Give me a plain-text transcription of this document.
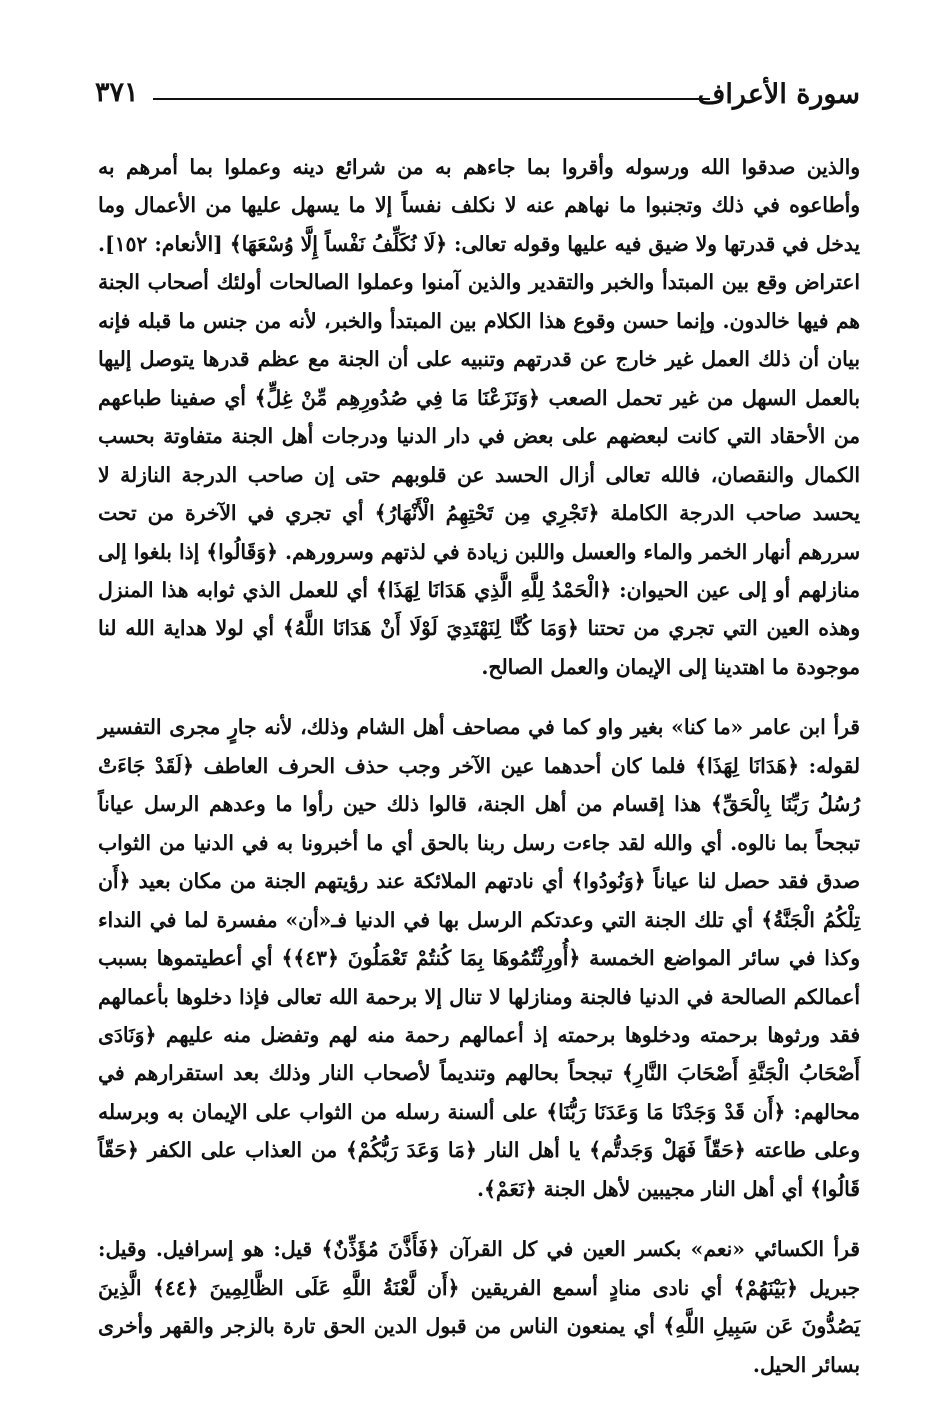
سورة الأعراف
٣٧١

والذين صدقوا الله ورسوله وأقروا بما جاءهم به من شرائع دينه وعملوا بما أمرهم به وأطاعوه في ذلك وتجنبوا ما نهاهم عنه لا نكلف نفساً إلا ما يسهل عليها من الأعمال وما يدخل في قدرتها ولا ضيق فيه عليها وقوله تعالى: ﴿لَا نُكَلِّفُ نَفْساً إِلَّا وُسْعَهَا﴾ [الأنعام: ١٥٢]. اعتراض وقع بين المبتدأ والخبر والتقدير والذين آمنوا وعملوا الصالحات أولئك أصحاب الجنة هم فيها خالدون. وإنما حسن وقوع هذا الكلام بين المبتدأ والخبر، لأنه من جنس ما قبله فإنه بيان أن ذلك العمل غير خارج عن قدرتهم وتنبيه على أن الجنة مع عظم قدرها يتوصل إليها بالعمل السهل من غير تحمل الصعب ﴿وَنَزَعْنَا مَا فِي صُدُورِهِم مِّنْ غِلٍّ﴾ أي صفينا طباعهم من الأحقاد التي كانت لبعضهم على بعض في دار الدنيا ودرجات أهل الجنة متفاوتة بحسب الكمال والنقصان، فالله تعالى أزال الحسد عن قلوبهم حتى إن صاحب الدرجة النازلة لا يحسد صاحب الدرجة الكاملة ﴿تَجْرِي مِن تَحْتِهِمُ الْأَنْهَارُ﴾ أي تجري في الآخرة من تحت سررهم أنهار الخمر والماء والعسل واللبن زيادة في لذتهم وسرورهم. ﴿وَقَالُوا﴾ إذا بلغوا إلى منازلهم أو إلى عين الحيوان: ﴿الْحَمْدُ لِلَّهِ الَّذِي هَدَانَا لِهَذَا﴾ أي للعمل الذي ثوابه هذا المنزل وهذه العين التي تجري من تحتنا ﴿وَمَا كُنَّا لِنَهْتَدِيَ لَوْلَا أَنْ هَدَانَا اللَّهُ﴾ أي لولا هداية الله لنا موجودة ما اهتدينا إلى الإيمان والعمل الصالح.

قرأ ابن عامر «ما كنا» بغير واو كما في مصاحف أهل الشام وذلك، لأنه جارٍ مجرى التفسير لقوله: ﴿هَدَانَا لِهَذَا﴾ فلما كان أحدهما عين الآخر وجب حذف الحرف العاطف ﴿لَقَدْ جَاءَتْ رُسُلُ رَبِّنَا بِالْحَقِّ﴾ هذا إقسام من أهل الجنة، قالوا ذلك حين رأوا ما وعدهم الرسل عياناً تبجحاً بما نالوه. أي والله لقد جاءت رسل ربنا بالحق أي ما أخبرونا به في الدنيا من الثواب صدق فقد حصل لنا عياناً ﴿وَنُودُوا﴾ أي نادتهم الملائكة عند رؤيتهم الجنة من مكان بعيد ﴿أَن تِلْكُمُ الْجَنَّةُ﴾ أي تلك الجنة التي وعدتكم الرسل بها في الدنيا فـ«أن» مفسرة لما في النداء وكذا في سائر المواضع الخمسة ﴿أُورِثْتُمُوهَا بِمَا كُنتُمْ تَعْمَلُونَ ﴿٤٣﴾﴾ أي أعطيتموها بسبب أعمالكم الصالحة في الدنيا فالجنة ومنازلها لا تنال إلا برحمة الله تعالى فإذا دخلوها بأعمالهم فقد ورثوها برحمته ودخلوها برحمته إذ أعمالهم رحمة منه لهم وتفضل منه عليهم ﴿وَنَادَى أَصْحَابُ الْجَنَّةِ أَصْحَابَ النَّارِ﴾ تبجحاً بحالهم وتنديماً لأصحاب النار وذلك بعد استقرارهم في محالهم: ﴿أَن قَدْ وَجَدْنَا مَا وَعَدَنَا رَبُّنَا﴾ على ألسنة رسله من الثواب على الإيمان به وبرسله وعلى طاعته ﴿حَقّاً فَهَلْ وَجَدتُّم﴾ يا أهل النار ﴿مَا وَعَدَ رَبُّكُمْ﴾ من العذاب على الكفر ﴿حَقّاً قَالُوا﴾ أي أهل النار مجيبين لأهل الجنة ﴿نَعَمْ﴾.

قرأ الكسائي «نعم» بكسر العين في كل القرآن ﴿فَأَذَّنَ مُؤَذِّنٌ﴾ قيل: هو إسرافيل. وقيل: جبريل ﴿بَيْنَهُمْ﴾ أي نادى منادٍ أسمع الفريقين ﴿أَن لَّعْنَةُ اللَّهِ عَلَى الظَّالِمِينَ ﴿٤٤﴾ الَّذِينَ يَصُدُّونَ عَن سَبِيلِ اللَّهِ﴾ أي يمنعون الناس من قبول الدين الحق تارة بالزجر والقهر وأخرى بسائر الحيل.
